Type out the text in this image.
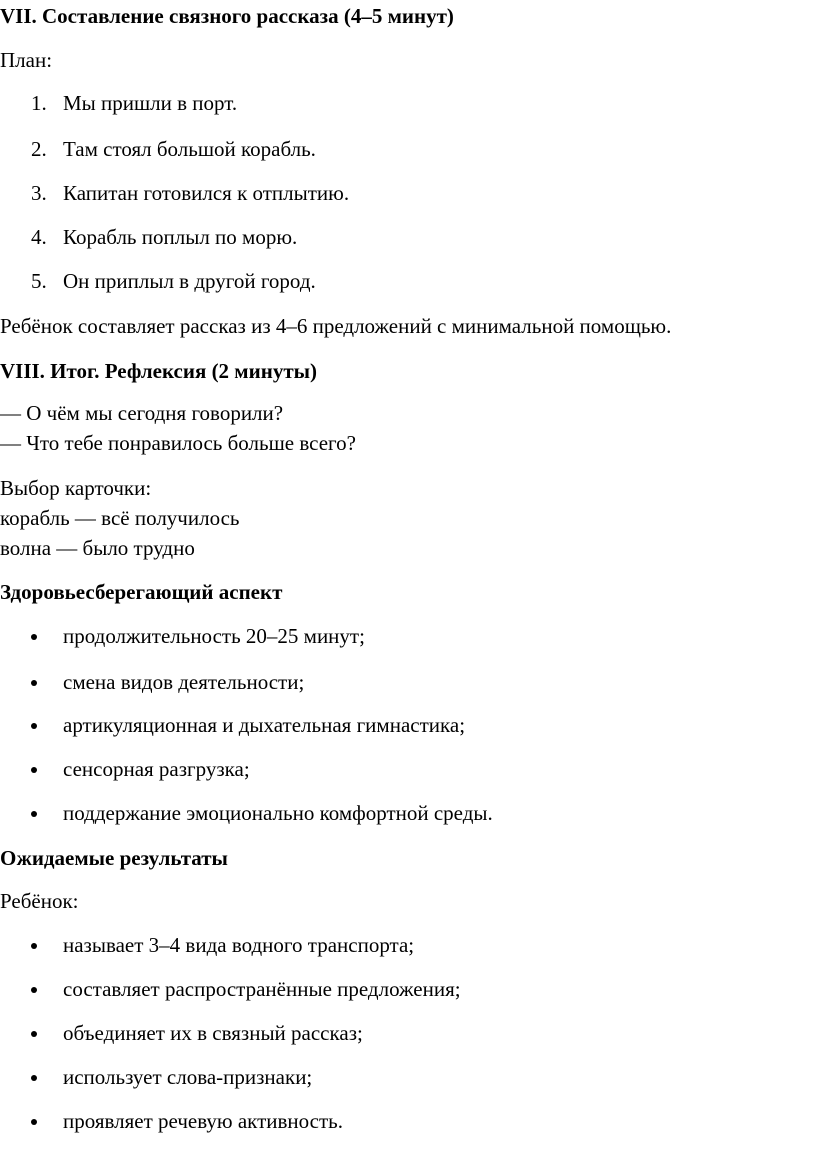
VII. Составление связного рассказа (4–5 минут)
План:
1. Мы пришли в порт.
2. Там стоял большой корабль.
3. Капитан готовился к отплытию.
4. Корабль поплыл по морю.
5. Он приплыл в другой город.
Ребёнок составляет рассказ из 4–6 предложений с минимальной помощью.
VIII. Итог. Рефлексия (2 минуты)
— О чём мы сегодня говорили?
— Что тебе понравилось больше всего?
Выбор карточки:
корабль — всё получилось
волна — было трудно
Здоровьесберегающий аспект
продолжительность 20–25 минут;
смена видов деятельности;
артикуляционная и дыхательная гимнастика;
сенсорная разгрузка;
поддержание эмоционально комфортной среды.
Ожидаемые результаты
Ребёнок:
называет 3–4 вида водного транспорта;
составляет распространённые предложения;
объединяет их в связный рассказ;
использует слова-признаки;
проявляет речевую активность.
